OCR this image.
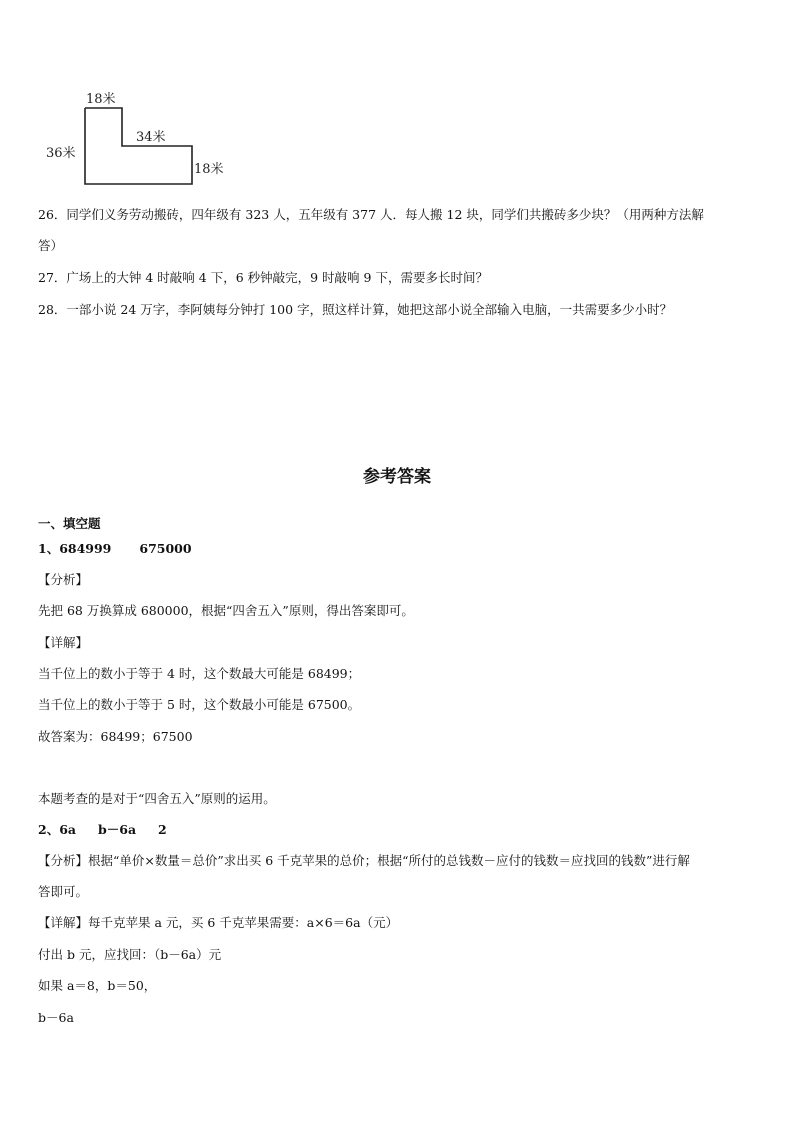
18米
36米
34米
18米
26．同学们义务劳动搬砖，四年级有 323 人，五年级有 377 人．每人搬 12 块，同学们共搬砖多少块？（用两种方法解
答）
27．广场上的大钟 4 时敲响 4 下，6 秒钟敲完，9 时敲响 9 下，需要多长时间？
28．一部小说 24 万字，李阿姨每分钟打 100 字，照这样计算，她把这部小说全部输入电脑，一共需要多少小时？
参考答案
一、填空题
1、684999 675000
【分析】
先把 68 万换算成 680000，根据“四舍五入”原则，得出答案即可。
【详解】
当千位上的数小于等于 4 时，这个数最大可能是 68499；
当千位上的数小于等于 5 时，这个数最小可能是 67500。
故答案为：68499；67500
本题考查的是对于“四舍五入”原则的运用。
2、6a b－6a 2
【分析】根据“单价×数量＝总价”求出买 6 千克苹果的总价；根据“所付的总钱数－应付的钱数＝应找回的钱数”进行解
答即可。
【详解】每千克苹果 a 元，买 6 千克苹果需要：a×6＝6a（元）
付出 b 元，应找回：（b－6a）元
如果 a＝8，b＝50，
b－6a
